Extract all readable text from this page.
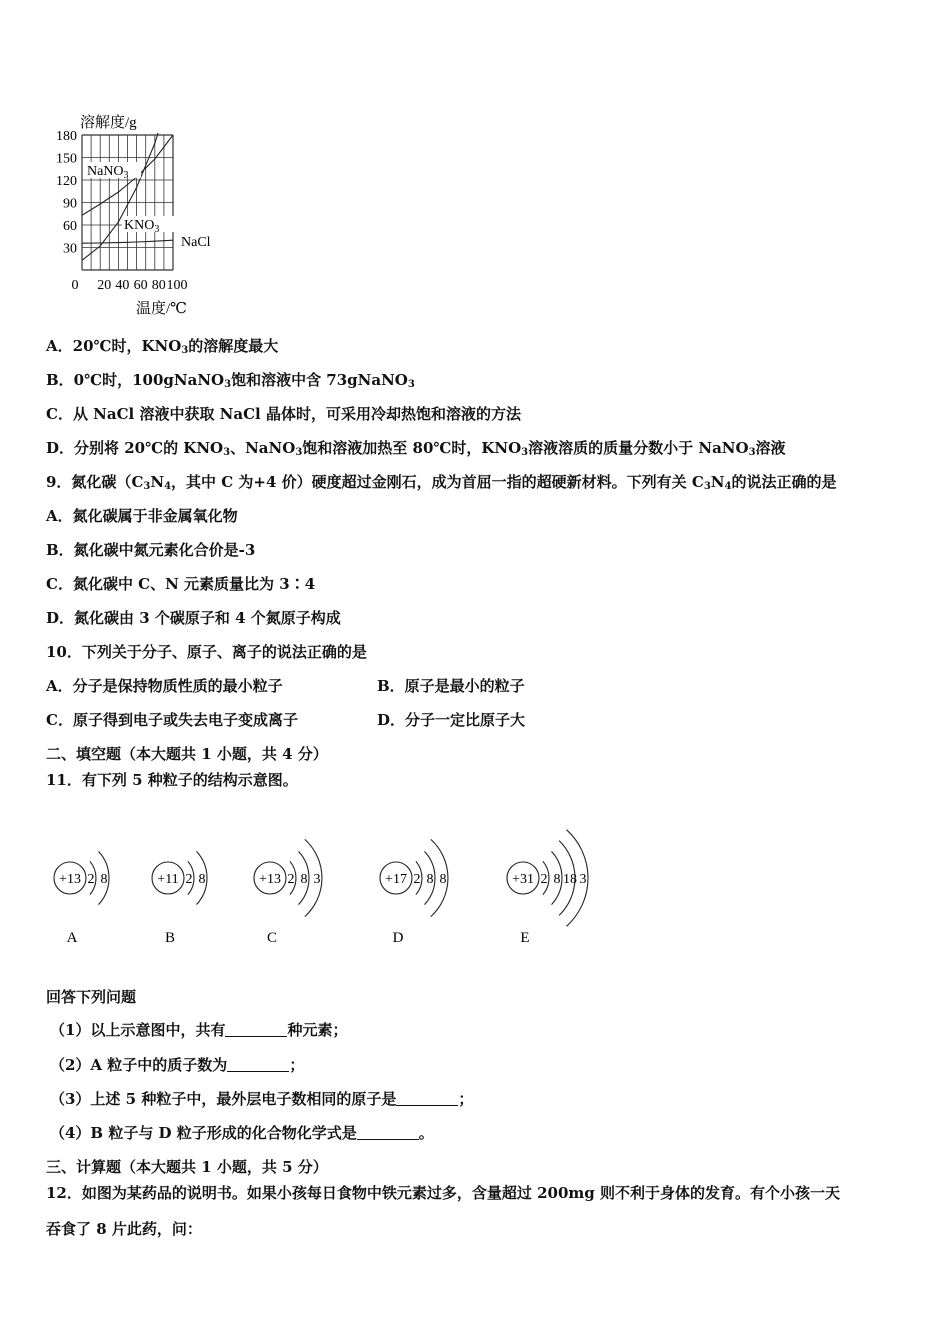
0 20 40 60 80 100
30
60
90
120
150
180
NaNO$_3$
$KNO_3$
NaCl
溶解度/g
温度/℃
A．20℃时，$KNO_3$的溶解度最大
B．0℃时，100gNaNO$_3$饱和溶液中含 73gNaNO$_3$
C．从 NaCl 溶液中获取 NaCl 晶体时，可采用冷却热饱和溶液的方法
D．分别将 20℃的 $KNO_3$、NaNO$_3$饱和溶液加热至 80℃时，$KNO_3$溶液溶质的质量分数小于 NaNO$_3$溶液
9．氮化碳（$C_3N_4$，其中 C 为+4 价）硬度超过金刚石，成为首屈一指的超硬新材料。下列有关 $C_3N_4$的说法正确的是
A．氮化碳属于非金属氧化物
B．氮化碳中氮元素化合价是-3
C．氮化碳中 C、N 元素质量比为 3∶4
D．氮化碳由 3 个碳原子和 4 个氮原子构成
10．下列关于分子、原子、离子的说法正确的是
A．分子是保持物质性质的最小粒子	B．原子是最小的粒子
C．原子得到电子或失去电子变成离子	D．分子一定比原子大
二、填空题（本大题共 1 小题，共 4 分）
11．有下列 5 种粒子的结构示意图。
+13 2 8
A
+11 2 8
B
+13 2 8 3
C
+17 2 8 8
D
+31 2 8 18 3
E
回答下列问题
（1）以上示意图中，共有	种元素；
（2）A 粒子中的质子数为	；
（3）上述 5 种粒子中，最外层电子数相同的原子是	；
（4）B 粒子与 D 粒子形成的化合物化学式是	。
三、计算题（本大题共 1 小题，共 5 分）
12．如图为某药品的说明书。如果小孩每日食物中铁元素过多，含量超过 200mg 则不利于身体的发育。有个小孩一天
吞食了 8 片此药，问：
